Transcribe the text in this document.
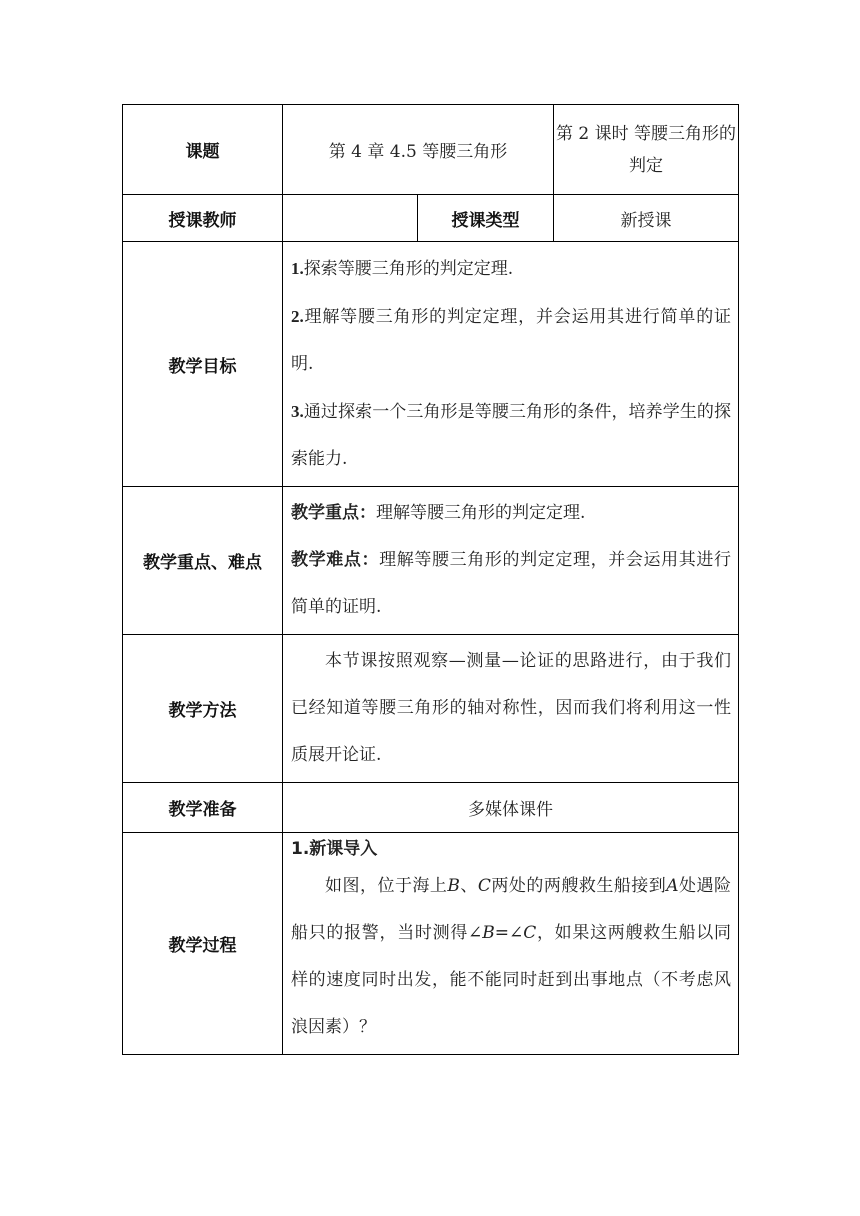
课题	第 4 章 4.5 等腰三角形		第 2 课时 等腰三角形的判定
授课教师		授课类型	新授课
教学目标	1.探索等腰三角形的判定定理.

2.理解等腰三角形的判定定理，并会运用其进行简单的证明.

3.通过探索一个三角形是等腰三角形的条件，培养学生的探索能力.		

教学重点、难点	教学重点：理解等腰三角形的判定定理.

教学难点：理解等腰三角形的判定定理，并会运用其进行简单的证明.		

教学方法	本节课按照观察—测量—论证的思路进行，由于我们已经知道等腰三角形的轴对称性，因而我们将利用这一性质展开论证.		

教学准备	多媒体课件		
教学过程	1.新课导入

如图，位于海上B、C两处的两艘救生船接到A处遇险船只的报警，当时测得∠B=∠C，如果这两艘救生船以同样的速度同时出发，能不能同时赶到出事地点（不考虑风浪因素）？		
